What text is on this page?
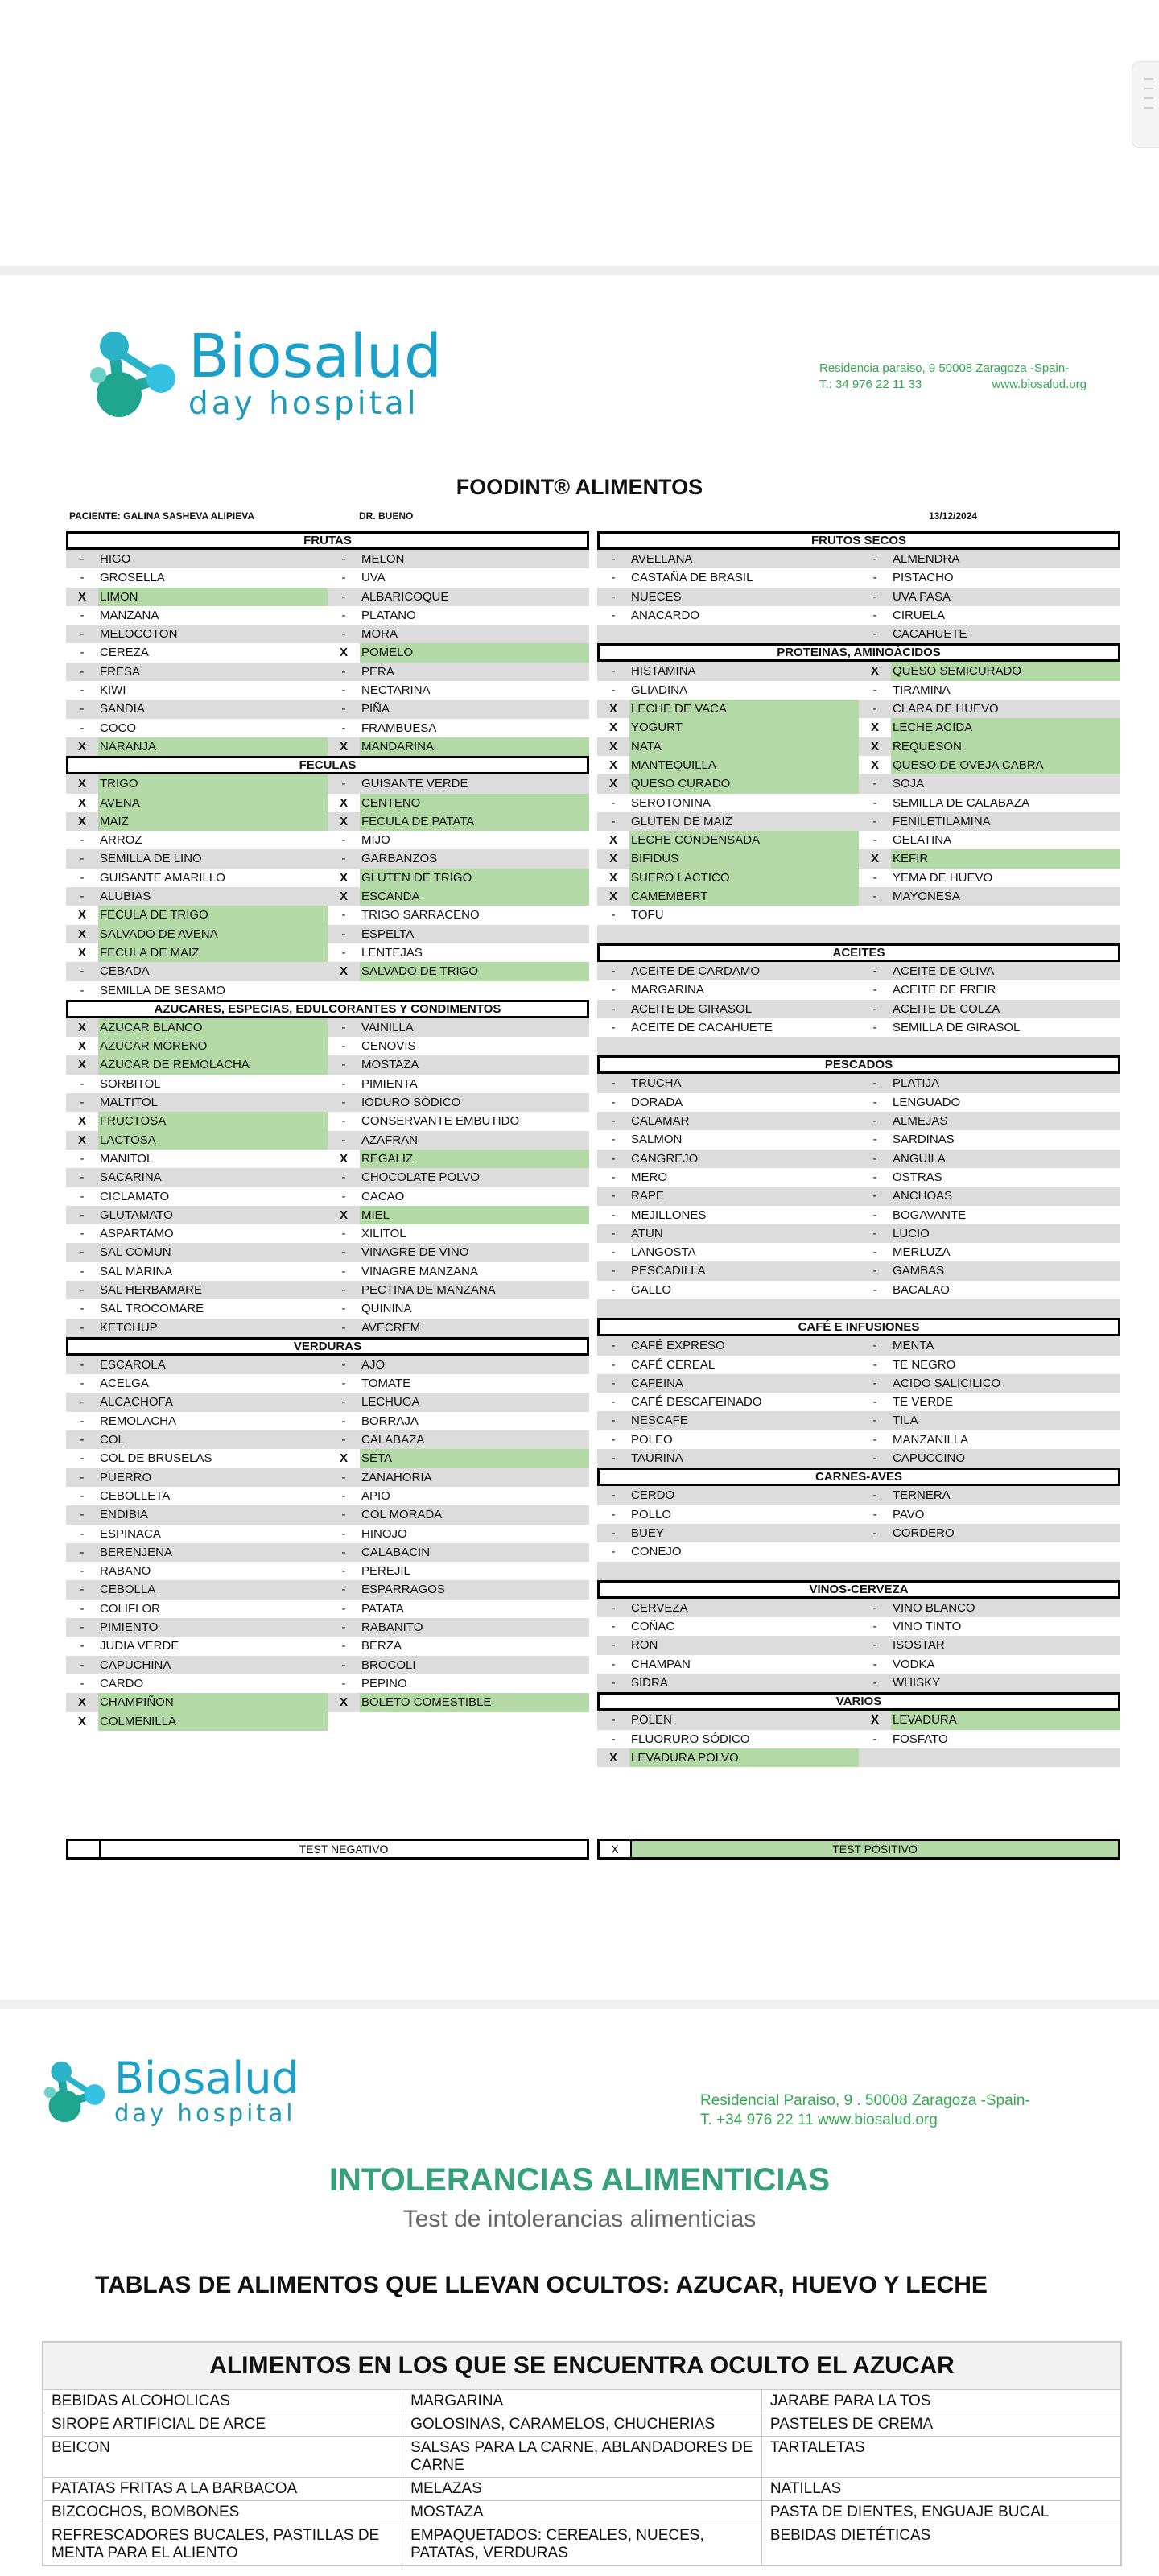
Biosalud
day hospital
Residencia paraiso, 9 50008 Zaragoza -Spain-
T.: 34 976 22 11 33	www.biosalud.org
FOODINT® ALIMENTOS
PACIENTE: GALINA SASHEVA ALIPIEVA	DR. BUENO	13/12/2024
FRUTAS
-	HIGO	-	MELON
-	GROSELLA	-	UVA
X	LIMON	-	ALBARICOQUE
-	MANZANA	-	PLATANO
-	MELOCOTON	-	MORA
-	CEREZA	X	POMELO
-	FRESA	-	PERA
-	KIWI	-	NECTARINA
-	SANDIA	-	PIÑA
-	COCO	-	FRAMBUESA
X	NARANJA	X	MANDARINA
FECULAS
X	TRIGO	-	GUISANTE VERDE
X	AVENA	X	CENTENO
X	MAIZ	X	FECULA DE PATATA
-	ARROZ	-	MIJO
-	SEMILLA DE LINO	-	GARBANZOS
-	GUISANTE AMARILLO	X	GLUTEN DE TRIGO
-	ALUBIAS	X	ESCANDA
X	FECULA DE TRIGO	-	TRIGO SARRACENO
X	SALVADO DE AVENA	-	ESPELTA
X	FECULA DE MAIZ	-	LENTEJAS
-	CEBADA	X	SALVADO DE TRIGO
-	SEMILLA DE SESAMO
AZUCARES, ESPECIAS, EDULCORANTES Y CONDIMENTOS
X	AZUCAR BLANCO	-	VAINILLA
X	AZUCAR MORENO	-	CENOVIS
X	AZUCAR DE REMOLACHA	-	MOSTAZA
-	SORBITOL	-	PIMIENTA
-	MALTITOL	-	IODURO SÓDICO
X	FRUCTOSA	-	CONSERVANTE EMBUTIDO
X	LACTOSA	-	AZAFRAN
-	MANITOL	X	REGALIZ
-	SACARINA	-	CHOCOLATE POLVO
-	CICLAMATO	-	CACAO
-	GLUTAMATO	X	MIEL
-	ASPARTAMO	-	XILITOL
-	SAL COMUN	-	VINAGRE DE VINO
-	SAL MARINA	-	VINAGRE MANZANA
-	SAL HERBAMARE	-	PECTINA DE MANZANA
-	SAL TROCOMARE	-	QUININA
-	KETCHUP	-	AVECREM
VERDURAS
-	ESCAROLA	-	AJO
-	ACELGA	-	TOMATE
-	ALCACHOFA	-	LECHUGA
-	REMOLACHA	-	BORRAJA
-	COL	-	CALABAZA
-	COL DE BRUSELAS	X	SETA
-	PUERRO	-	ZANAHORIA
-	CEBOLLETA	-	APIO
-	ENDIBIA	-	COL MORADA
-	ESPINACA	-	HINOJO
-	BERENJENA	-	CALABACIN
-	RABANO	-	PEREJIL
-	CEBOLLA	-	ESPARRAGOS
-	COLIFLOR	-	PATATA
-	PIMIENTO	-	RABANITO
-	JUDIA VERDE	-	BERZA
-	CAPUCHINA	-	BROCOLI
-	CARDO	-	PEPINO
X	CHAMPIÑON	X	BOLETO COMESTIBLE
X	COLMENILLA
FRUTOS SECOS
-	AVELLANA	-	ALMENDRA
-	CASTAÑA DE BRASIL	-	PISTACHO
-	NUECES	-	UVA PASA
-	ANACARDO	-	CIRUELA
-	CACAHUETE
PROTEINAS, AMINOÁCIDOS
-	HISTAMINA	X	QUESO SEMICURADO
-	GLIADINA	-	TIRAMINA
X	LECHE DE VACA	-	CLARA DE HUEVO
X	YOGURT	X	LECHE ACIDA
X	NATA	X	REQUESON
X	MANTEQUILLA	X	QUESO DE OVEJA CABRA
X	QUESO CURADO	-	SOJA
-	SEROTONINA	-	SEMILLA DE CALABAZA
-	GLUTEN DE MAIZ	-	FENILETILAMINA
X	LECHE CONDENSADA	-	GELATINA
X	BIFIDUS	X	KEFIR
X	SUERO LACTICO	-	YEMA DE HUEVO
X	CAMEMBERT	-	MAYONESA
-	TOFU
ACEITES
-	ACEITE DE CARDAMO	-	ACEITE DE OLIVA
-	MARGARINA	-	ACEITE DE FREIR
-	ACEITE DE GIRASOL	-	ACEITE DE COLZA
-	ACEITE DE CACAHUETE	-	SEMILLA DE GIRASOL
PESCADOS
-	TRUCHA	-	PLATIJA
-	DORADA	-	LENGUADO
-	CALAMAR	-	ALMEJAS
-	SALMON	-	SARDINAS
-	CANGREJO	-	ANGUILA
-	MERO	-	OSTRAS
-	RAPE	-	ANCHOAS
-	MEJILLONES	-	BOGAVANTE
-	ATUN	-	LUCIO
-	LANGOSTA	-	MERLUZA
-	PESCADILLA	-	GAMBAS
-	GALLO	-	BACALAO
CAFÉ E INFUSIONES
-	CAFÉ EXPRESO	-	MENTA
-	CAFÉ CEREAL	-	TE NEGRO
-	CAFEINA	-	ACIDO SALICILICO
-	CAFÉ DESCAFEINADO	-	TE VERDE
-	NESCAFE	-	TILA
-	POLEO	-	MANZANILLA
-	TAURINA	-	CAPUCCINO
CARNES-AVES
-	CERDO	-	TERNERA
-	POLLO	-	PAVO
-	BUEY	-	CORDERO
-	CONEJO
VINOS-CERVEZA
-	CERVEZA	-	VINO BLANCO
-	COÑAC	-	VINO TINTO
-	RON	-	ISOSTAR
-	CHAMPAN	-	VODKA
-	SIDRA	-	WHISKY
VARIOS
-	POLEN	X	LEVADURA
-	FLUORURO SÓDICO	-	FOSFATO
X	LEVADURA POLVO
TEST NEGATIVO	X	TEST POSITIVO
Biosalud
day hospital	Residencial Paraiso, 9 . 50008 Zaragoza -Spain-
T. +34 976 22 11 www.biosalud.org
INTOLERANCIAS ALIMENTICIAS
Test de intolerancias alimenticias
TABLAS DE ALIMENTOS QUE LLEVAN OCULTOS: AZUCAR, HUEVO Y LECHE
ALIMENTOS EN LOS QUE SE ENCUENTRA OCULTO EL AZUCAR		
BEBIDAS ALCOHOLICAS	MARGARINA	JARABE PARA LA TOS
SIROPE ARTIFICIAL DE ARCE	GOLOSINAS, CARAMELOS, CHUCHERIAS	PASTELES DE CREMA
BEICON	SALSAS PARA LA CARNE, ABLANDADORES DE CARNE	TARTALETAS
PATATAS FRITAS A LA BARBACOA	MELAZAS	NATILLAS
BIZCOCHOS, BOMBONES	MOSTAZA	PASTA DE DIENTES, ENGUAJE BUCAL
REFRESCADORES BUCALES, PASTILLAS DE MENTA PARA EL ALIENTO	EMPAQUETADOS: CEREALES, NUECES, PATATAS, VERDURAS	BEBIDAS DIETÉTICAS
